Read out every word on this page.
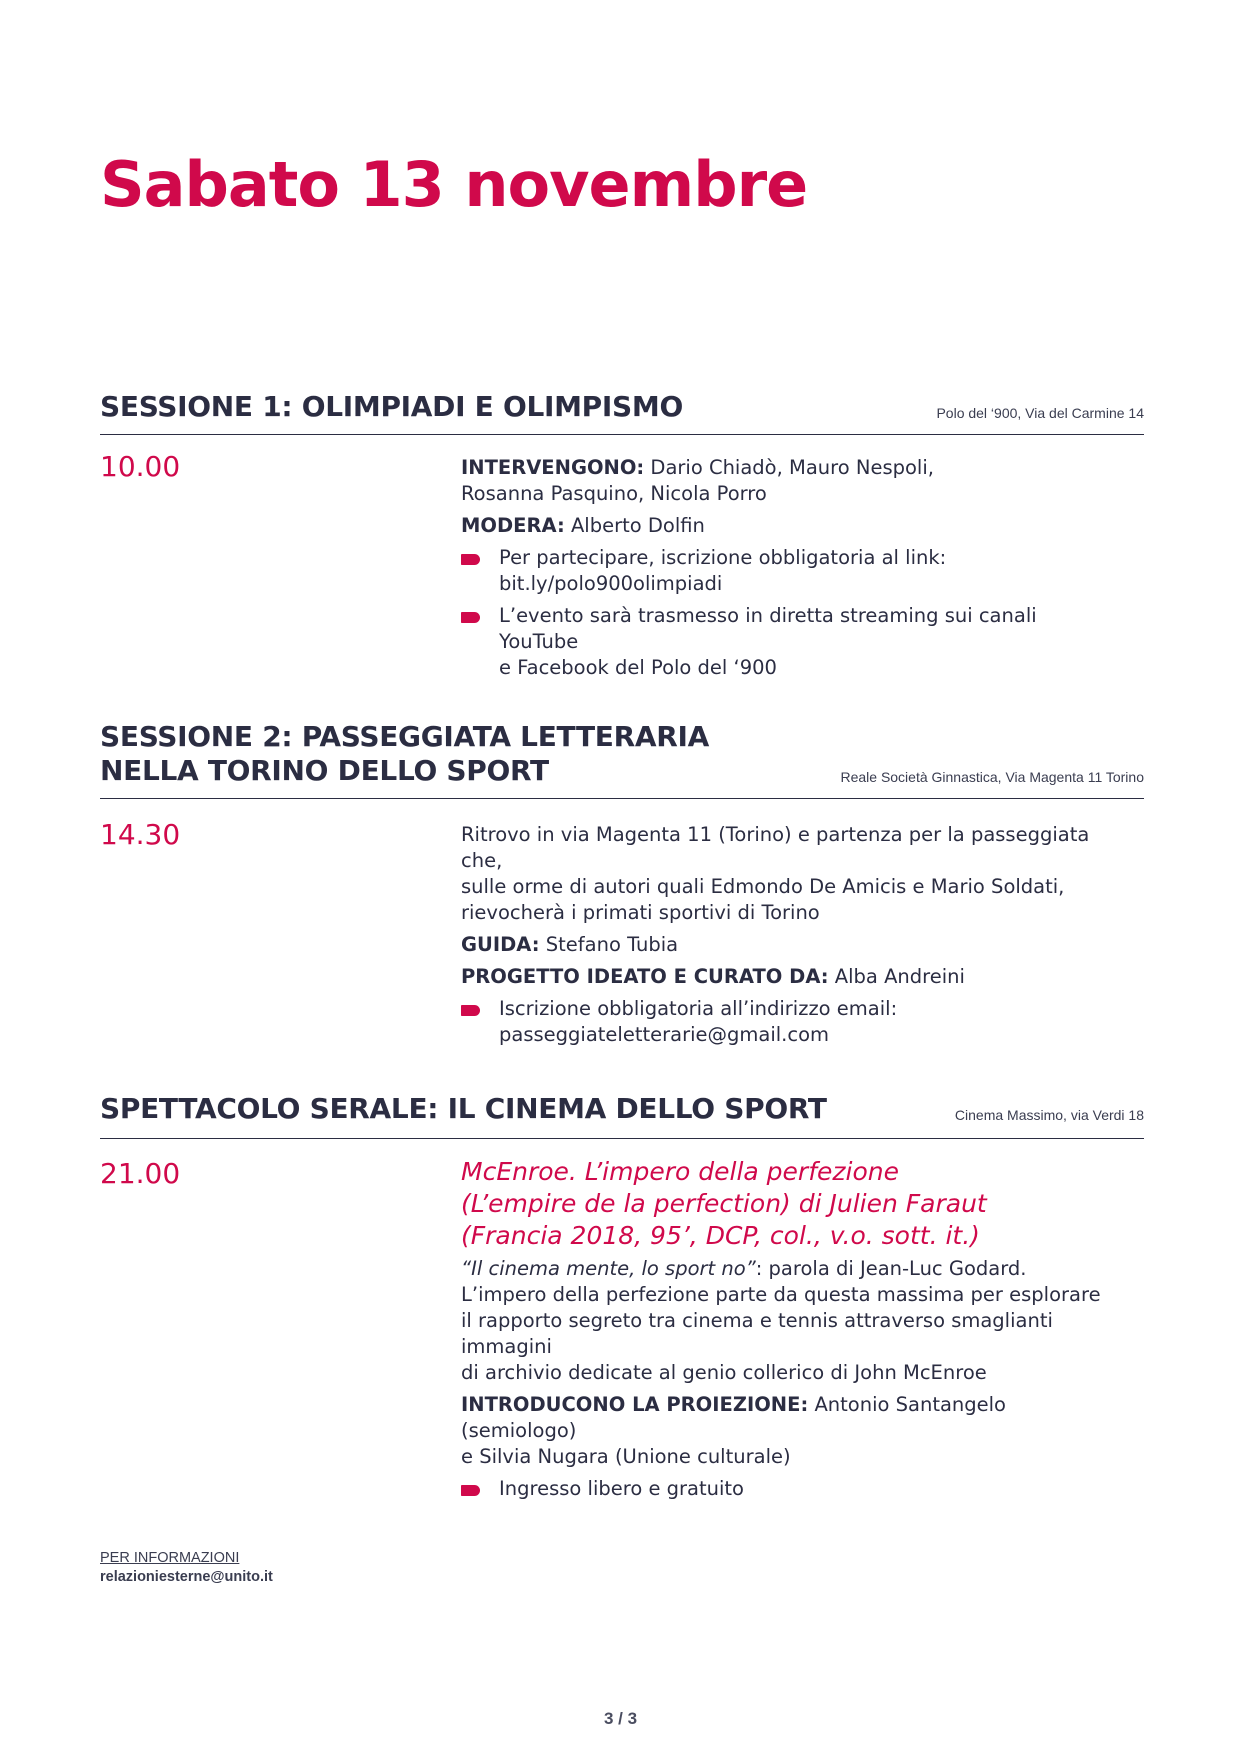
Sabato 13 novembre
SESSIONE 1: OLIMPIADI E OLIMPISMO	Polo del ‘900, Via del Carmine 14
10.00	INTERVENGONO: Dario Chiadò, Mauro Nespoli,
Rosanna Pasquino, Nicola Porro

MODERA: Alberto Dolfin

Per partecipare, iscrizione obbligatoria al link:
bit.ly/polo900olimpiadi
L’evento sarà trasmesso in diretta streaming sui canali YouTube
e Facebook del Polo del ‘900
SESSIONE 2: PASSEGGIATA LETTERARIA
NELLA TORINO DELLO SPORT	Reale Società Ginnastica, Via Magenta 11 Torino
14.30	Ritrovo in via Magenta 11 (Torino) e partenza per la passeggiata che,
sulle orme di autori quali Edmondo De Amicis e Mario Soldati,
rievocherà i primati sportivi di Torino

GUIDA: Stefano Tubia

PROGETTO IDEATO E CURATO DA: Alba Andreini

Iscrizione obbligatoria all’indirizzo email:
passeggiateletterarie@gmail.com
SPETTACOLO SERALE: IL CINEMA DELLO SPORT	Cinema Massimo, via Verdi 18
21.00	McEnroe. L’impero della perfezione
(L’empire de la perfection) di Julien Faraut
(Francia 2018, 95’, DCP, col., v.o. sott. it.)

“Il cinema mente, lo sport no”: parola di Jean-Luc Godard.
L’impero della perfezione parte da questa massima per esplorare
il rapporto segreto tra cinema e tennis attraverso smaglianti immagini
di archivio dedicate al genio collerico di John McEnroe

INTRODUCONO LA PROIEZIONE: Antonio Santangelo (semiologo)
e Silvia Nugara (Unione culturale)

Ingresso libero e gratuito
PER INFORMAZIONI
relazioniesterne@unito.it
3 / 3
